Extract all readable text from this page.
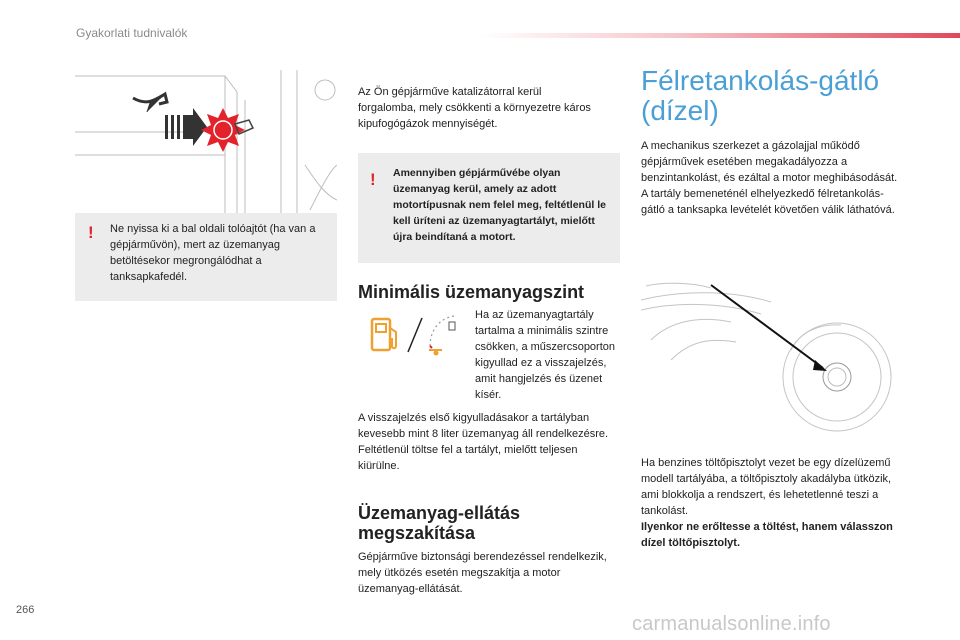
Gyakorlati tudnivalók
! Ne nyissa ki a bal oldali tolóajtót (ha van a gépjárművön), mert az üzemanyag betöltésekor megrongálódhat a tanksapkafedél.
Az Ön gépjárműve katalizátorral kerül forgalomba, mely csökkenti a környezetre káros kipufogógázok mennyiségét.
! Amennyiben gépjárművébe olyan üzemanyag kerül, amely az adott motortípusnak nem felel meg, feltétlenül le kell üríteni az üzemanyagtartályt, mielőtt újra beindítaná a motort.
Minimális üzemanyagszint
Ha az üzemanyagtartály tartalma a minimális szintre csökken, a műszercsoporton kigyullad ez a visszajelzés, amit hangjelzés és üzenet kísér.

A visszajelzés első kigyulladásakor a tartályban kevesebb mint 8 liter üzemanyag áll rendelkezésre.

Feltétlenül töltse fel a tartályt, mielőtt teljesen kiürülne.

Üzemanyag-ellátás megszakítása
Gépjárműve biztonsági berendezéssel rendelkezik, mely ütközés esetén megszakítja a motor üzemanyag-ellátását.
Félretankolás-gátló (dízel)

A mechanikus szerkezet a gázolajjal működő gépjárművek esetében megakadályozza a benzintankolást, és ezáltal a motor meghibásodását.

A tartály bemeneténél elhelyezkedő félretankolás-gátló a tanksapka levételét követően válik láthatóvá.

Ha benzines töltőpisztolyt vezet be egy dízelüzemű modell tartályába, a töltőpisztoly akadályba ütközik, ami blokkolja a rendszert, és lehetetlenné teszi a tankolást.

Ilyenkor ne erőltesse a töltést, hanem válasszon dízel töltőpisztolyt.

266
carmanualsonline.info
